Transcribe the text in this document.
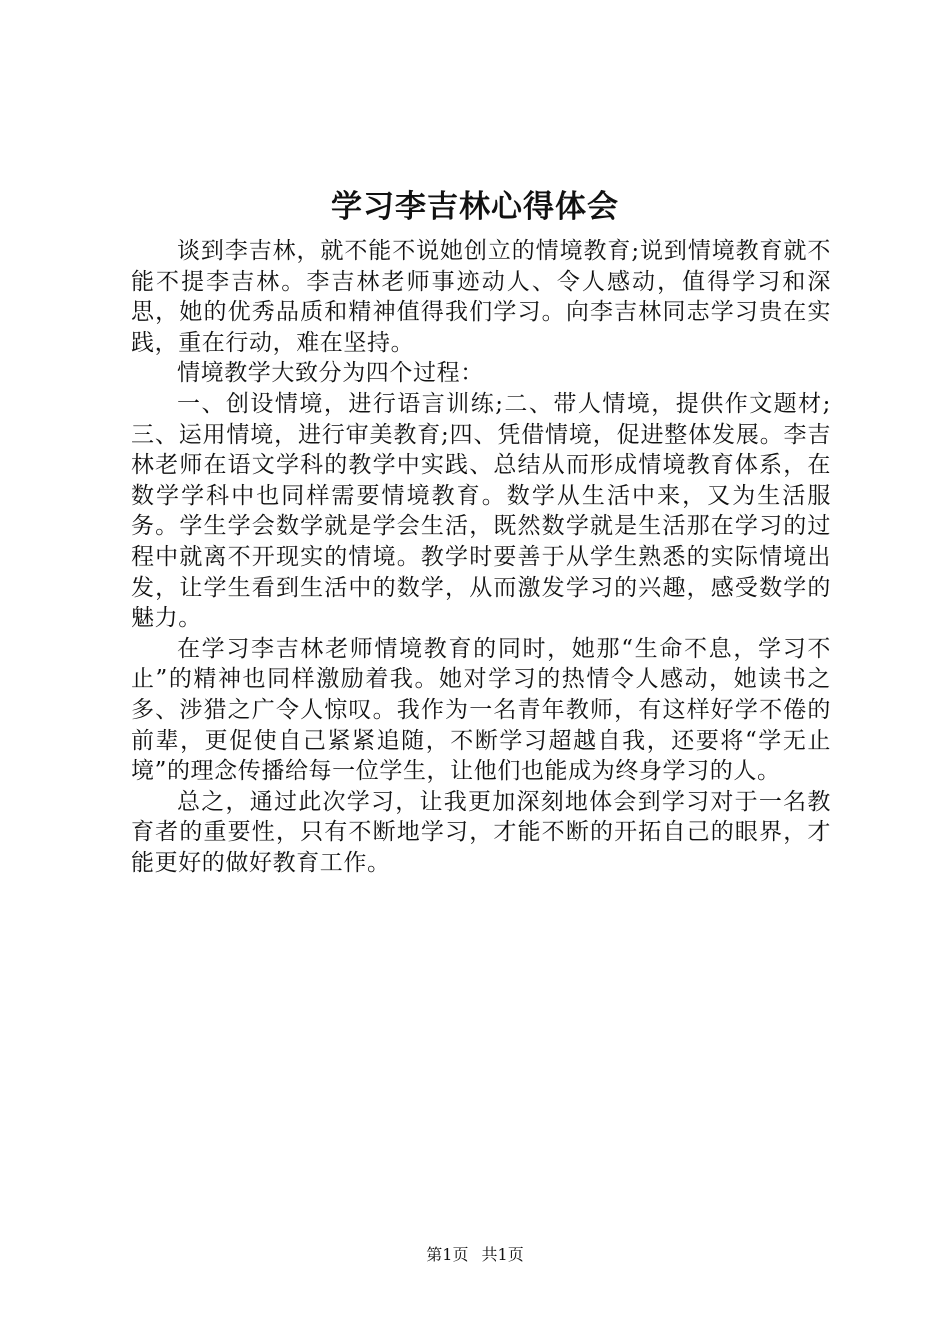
学习李吉林心得体会

谈到李吉林，就不能不说她创立的情境教育;说到情境教育就不能不提李吉林。李吉林老师事迹动人、令人感动，值得学习和深思，她的优秀品质和精神值得我们学习。向李吉林同志学习贵在实践，重在行动，难在坚持。

情境教学大致分为四个过程：

一、创设情境，进行语言训练;二、带人情境，提供作文题材;三、运用情境，进行审美教育;四、凭借情境，促进整体发展。李吉林老师在语文学科的教学中实践、总结从而形成情境教育体系，在数学学科中也同样需要情境教育。数学从生活中来，又为生活服务。学生学会数学就是学会生活，既然数学就是生活那在学习的过程中就离不开现实的情境。教学时要善于从学生熟悉的实际情境出发，让学生看到生活中的数学，从而激发学习的兴趣，感受数学的魅力。

在学习李吉林老师情境教育的同时，她那“生命不息，学习不止”的精神也同样激励着我。她对学习的热情令人感动，她读书之多、涉猎之广令人惊叹。我作为一名青年教师，有这样好学不倦的前辈，更促使自己紧紧追随，不断学习超越自我，还要将“学无止境”的理念传播给每一位学生，让他们也能成为终身学习的人。

总之，通过此次学习，让我更加深刻地体会到学习对于一名教育者的重要性，只有不断地学习，才能不断的开拓自己的眼界，才能更好的做好教育工作。

第1页 共1页
